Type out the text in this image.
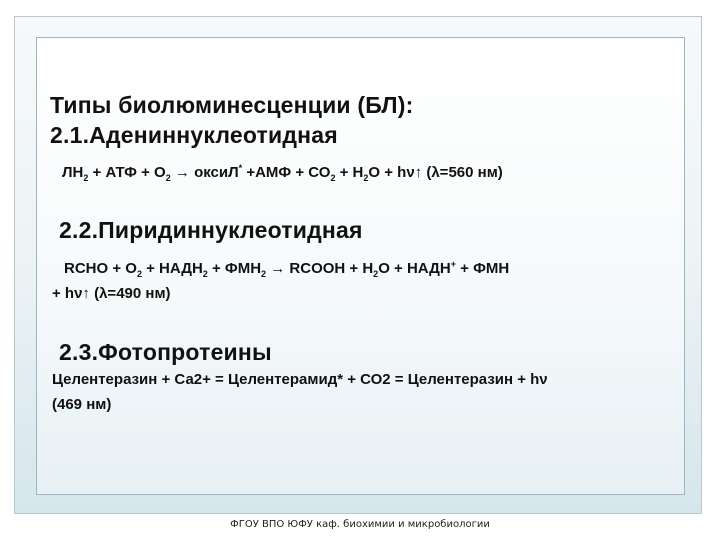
Типы биолюминесценции (БЛ):
2.1.Адениннуклеотидная

$ЛН_2$ + АТФ + $О_2$ → оксиЛ* $+АМФ + СО_2 + Н_2О$ + hν↑ (λ=560 нм)

2.2.Пиридиннуклеотидная

RCHO + $O_2$ + $НАДН_2 + ФМН_2$ → RCOOH + $H_2O$ + НАДН+ + ФМН

+ hν↑ (λ=490 нм)

2.3.Фотопротеины

Целентеразин + Са2+ = Целентерамид* + СО2 = Целентеразин + hν

(469 нм)

ФГОУ ВПО ЮФУ каф. биохимии и микробиологии
